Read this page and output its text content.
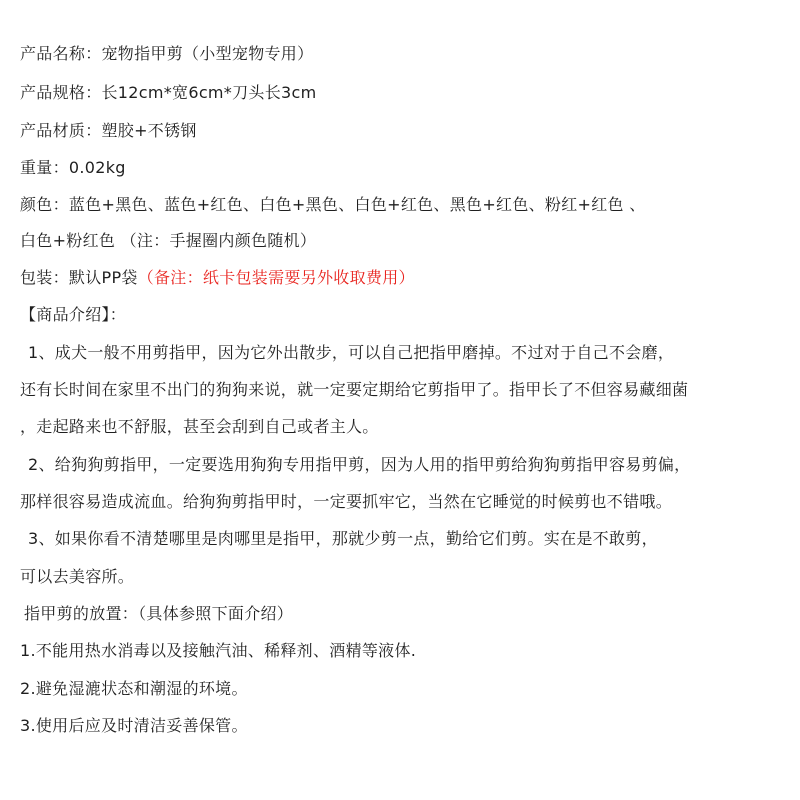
产品名称：宠物指甲剪（小型宠物专用）
产品规格：长12cm*宽6cm*刀头长3cm
产品材质：塑胶+不锈钢
重量：0.02kg
颜色：蓝色+黑色、蓝色+红色、白色+黑色、白色+红色、黑色+红色、粉红+红色 、
白色+粉红色 （注：手握圈内颜色随机）
包装：默认PP袋（备注：纸卡包装需要另外收取费用）
【商品介绍】：
1、成犬一般不用剪指甲，因为它外出散步，可以自己把指甲磨掉。不过对于自己不会磨，
还有长时间在家里不出门的狗狗来说，就一定要定期给它剪指甲了。指甲长了不但容易藏细菌
，走起路来也不舒服，甚至会刮到自己或者主人。
2、给狗狗剪指甲，一定要选用狗狗专用指甲剪，因为人用的指甲剪给狗狗剪指甲容易剪偏，
那样很容易造成流血。给狗狗剪指甲时，一定要抓牢它，当然在它睡觉的时候剪也不错哦。
3、如果你看不清楚哪里是肉哪里是指甲，那就少剪一点，勤给它们剪。实在是不敢剪，
可以去美容所。
指甲剪的放置：（具体参照下面介绍）
1.不能用热水消毒以及接触汽油、稀释剂、酒精等液体.
2.避免湿漉状态和潮湿的环境。
3.使用后应及时清洁妥善保管。
